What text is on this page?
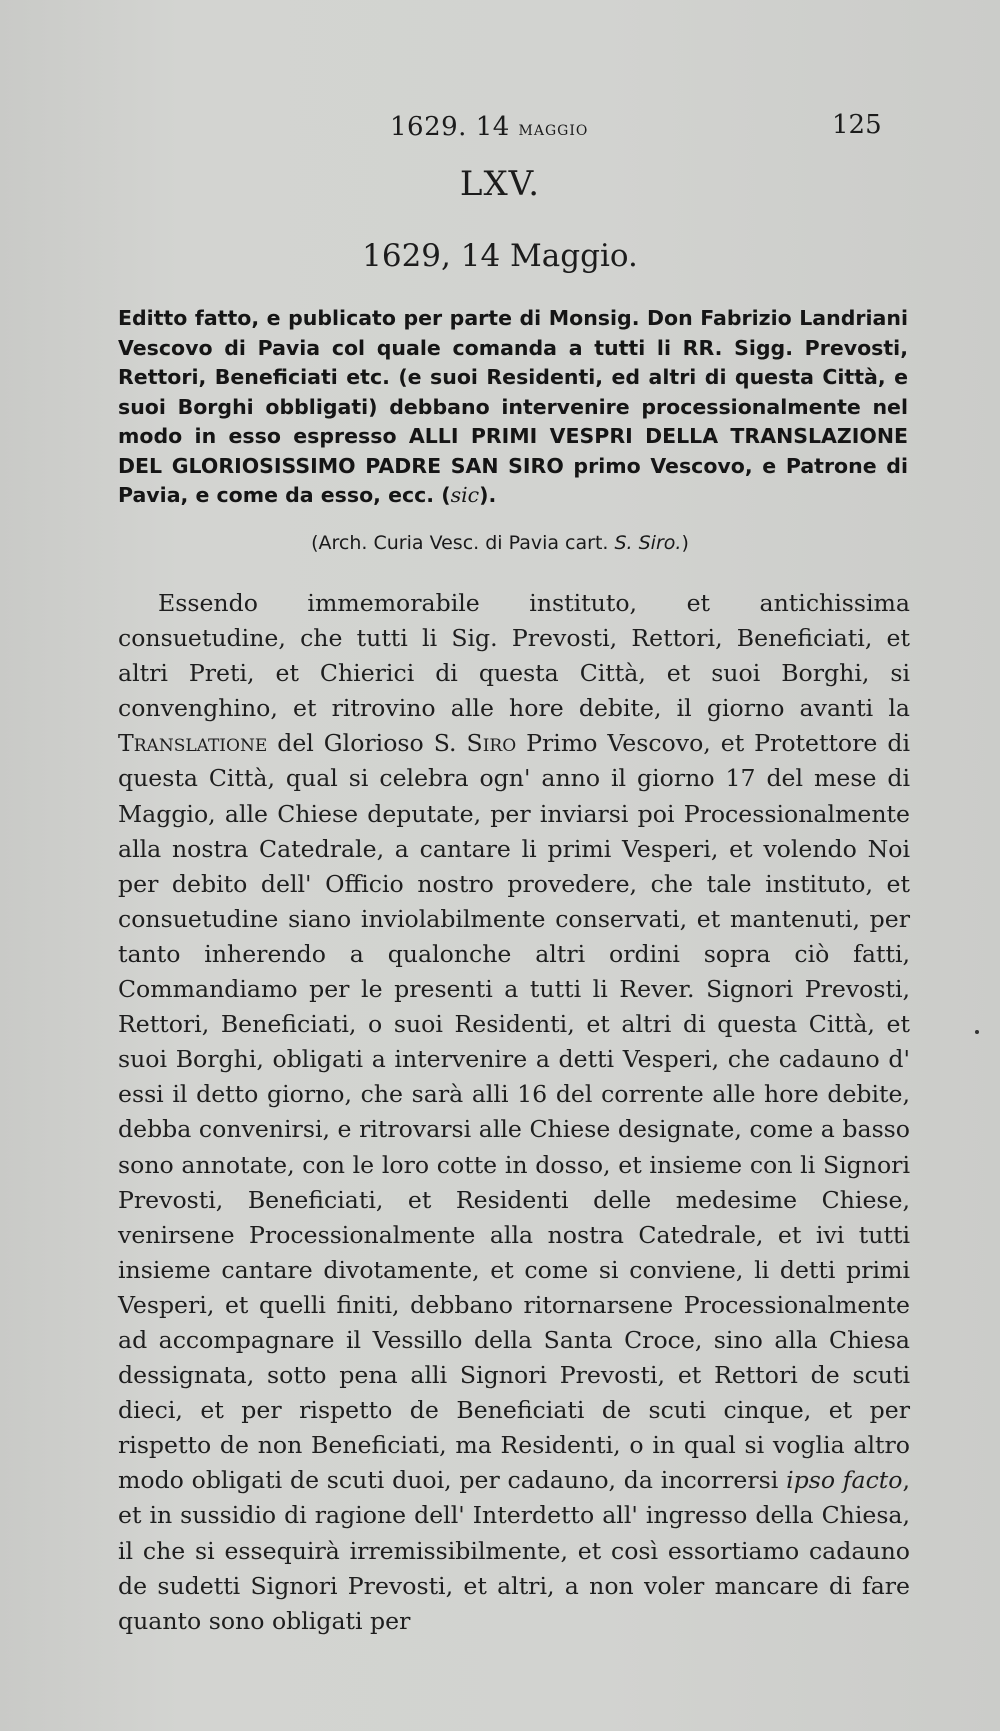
1629. 14 MAGGIO	125
LXV.
1629, 14 Maggio.
Editto fatto, e publicato per parte di Monsig. Don Fabrizio Landriani Vescovo di Pavia col quale comanda a tutti li RR. Sigg. Prevosti, Rettori, Beneficiati etc. (e suoi Residenti, ed altri di questa Città, e suoi Borghi obbligati) debbano intervenire processionalmente nel modo in esso espresso ALLI PRIMI VESPRI DELLA TRANSLAZIONE DEL GLORIOSISSIMO PADRE SAN SIRO primo Vescovo, e Patrone di Pavia, e come da esso, ecc. (sic).
(Arch. Curia Vesc. di Pavia cart. S. Siro.)

Essendo immemorabile instituto, et antichissima consuetudine, che tutti li Sig. Prevosti, Rettori, Beneficiati, et altri Preti, et Chierici di questa Città, et suoi Borghi, si convenghino, et ritrovino alle hore debite, il giorno avanti la Translatione del Glorioso S. Siro Primo Vescovo, et Protettore di questa Città, qual si celebra ogn' anno il giorno 17 del mese di Maggio, alle Chiese deputate, per inviarsi poi Processionalmente alla nostra Catedrale, a cantare li primi Vesperi, et volendo Noi per debito dell' Officio nostro provedere, che tale instituto, et consuetudine siano inviolabilmente conservati, et mantenuti, per tanto inherendo a qualonche altri ordini sopra ciò fatti, Commandiamo per le presenti a tutti li Rever. Signori Prevosti, Rettori, Beneficiati, o suoi Residenti, et altri di questa Città, et suoi Borghi, obligati a intervenire a detti Vesperi, che cadauno d' essi il detto giorno, che sarà alli 16 del corrente alle hore debite, debba convenirsi, e ritrovarsi alle Chiese designate, come a basso sono annotate, con le loro cotte in dosso, et insieme con li Signori Prevosti, Beneficiati, et Residenti delle medesime Chiese, venirsene Processionalmente alla nostra Catedrale, et ivi tutti insieme cantare divotamente, et come si conviene, li detti primi Vesperi, et quelli finiti, debbano ritornarsene Processionalmente ad accompagnare il Vessillo della Santa Croce, sino alla Chiesa dessignata, sotto pena alli Signori Prevosti, et Rettori de scuti dieci, et per rispetto de Beneficiati de scuti cinque, et per rispetto de non Beneficiati, ma Residenti, o in qual si voglia altro modo obligati de scuti duoi, per cadauno, da incorrersi ipso facto, et in sussidio di ragione dell' Interdetto all' ingresso della Chiesa, il che si essequirà irremissibilmente, et così essortiamo cadauno de sudetti Signori Prevosti, et altri, a non voler mancare di fare quanto sono obligati per
